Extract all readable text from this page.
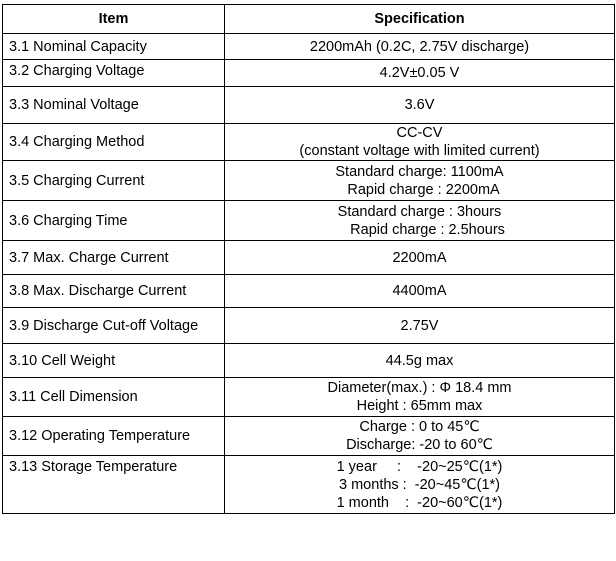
Item	Specification
3.1 Nominal Capacity	2200mAh (0.2C, 2.75V discharge)

3.2 Charging Voltage	4.2V±0.05 V

3.3 Nominal Voltage	3.6V

3.4 Charging Method	CC-CV
(constant voltage with limited current)

3.5 Charging Current	Standard charge: 1100mA
Rapid charge : 2200mA

3.6 Charging Time	Standard charge : 3hours
Rapid charge : 2.5hours

3.7 Max. Charge Current	2200mA

3.8 Max. Discharge Current	4400mA

3.9 Discharge Cut-off Voltage	2.75V

3.10 Cell Weight	44.5g max

3.11 Cell Dimension	Diameter(max.) : Φ 18.4 mm
Height : 65mm max

3.12 Operating Temperature	Charge : 0 to 45℃
Discharge: -20 to 60℃

3.13 Storage Temperature	1 year     :    -20~25℃(1*)
3 months :  -20~45℃(1*)
1 month    :  -20~60℃(1*)
